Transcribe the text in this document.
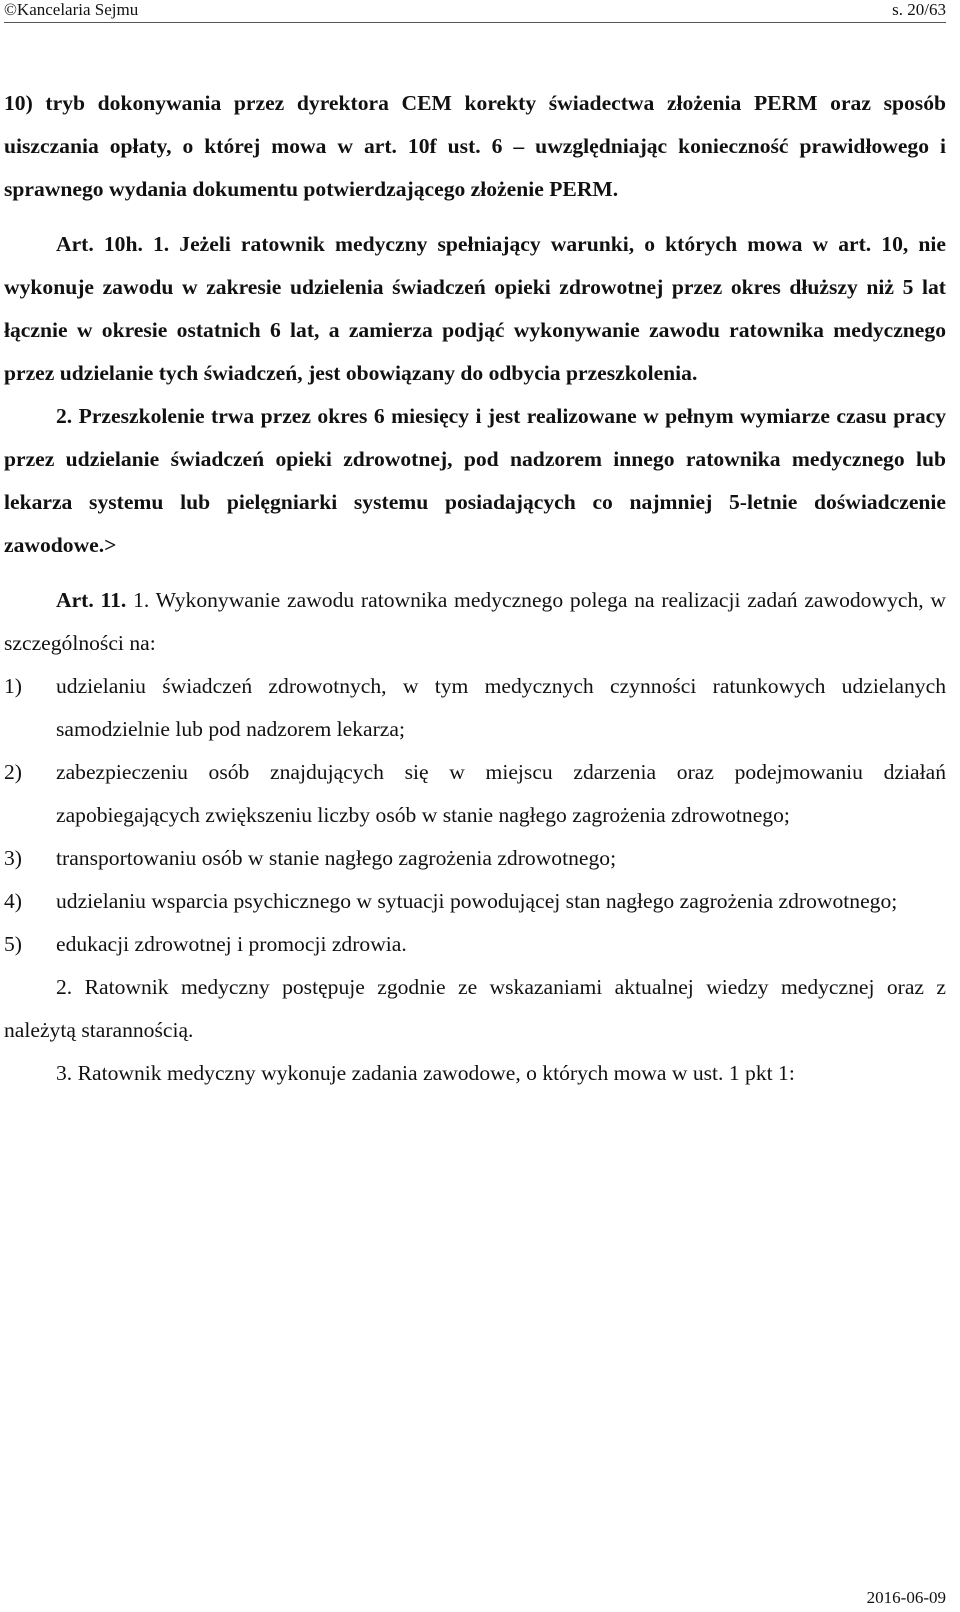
©Kancelaria Sejmu	s. 20/63

10) tryb dokonywania przez dyrektora CEM korekty świadectwa złożenia PERM oraz sposób uiszczania opłaty, o której mowa w art. 10f ust. 6 – uwzględniając konieczność prawidłowego i sprawnego wydania dokumentu potwierdzającego złożenie PERM.

Art. 10h. 1. Jeżeli ratownik medyczny spełniający warunki, o których mowa w art. 10, nie wykonuje zawodu w zakresie udzielenia świadczeń opieki zdrowotnej przez okres dłuższy niż 5 lat łącznie w okresie ostatnich 6 lat, a zamierza podjąć wykonywanie zawodu ratownika medycznego przez udzielanie tych świadczeń, jest obowiązany do odbycia przeszkolenia.

2. Przeszkolenie trwa przez okres 6 miesięcy i jest realizowane w pełnym wymiarze czasu pracy przez udzielanie świadczeń opieki zdrowotnej, pod nadzorem innego ratownika medycznego lub lekarza systemu lub pielęgniarki systemu posiadających co najmniej 5-letnie doświadczenie zawodowe.>

Art. 11. 1. Wykonywanie zawodu ratownika medycznego polega na realizacji zadań zawodowych, w szczególności na:

1)	udzielaniu świadczeń zdrowotnych, w tym medycznych czynności ratunkowych udzielanych samodzielnie lub pod nadzorem lekarza;
2)	zabezpieczeniu osób znajdujących się w miejscu zdarzenia oraz podejmowaniu działań zapobiegających zwiększeniu liczby osób w stanie nagłego zagrożenia zdrowotnego;
3)	transportowaniu osób w stanie nagłego zagrożenia zdrowotnego;
4)	udzielaniu wsparcia psychicznego w sytuacji powodującej stan nagłego zagrożenia zdrowotnego;
5)	edukacji zdrowotnej i promocji zdrowia.

2. Ratownik medyczny postępuje zgodnie ze wskazaniami aktualnej wiedzy medycznej oraz z należytą starannością.

3. Ratownik medyczny wykonuje zadania zawodowe, o których mowa w ust. 1 pkt 1:

2016-06-09
